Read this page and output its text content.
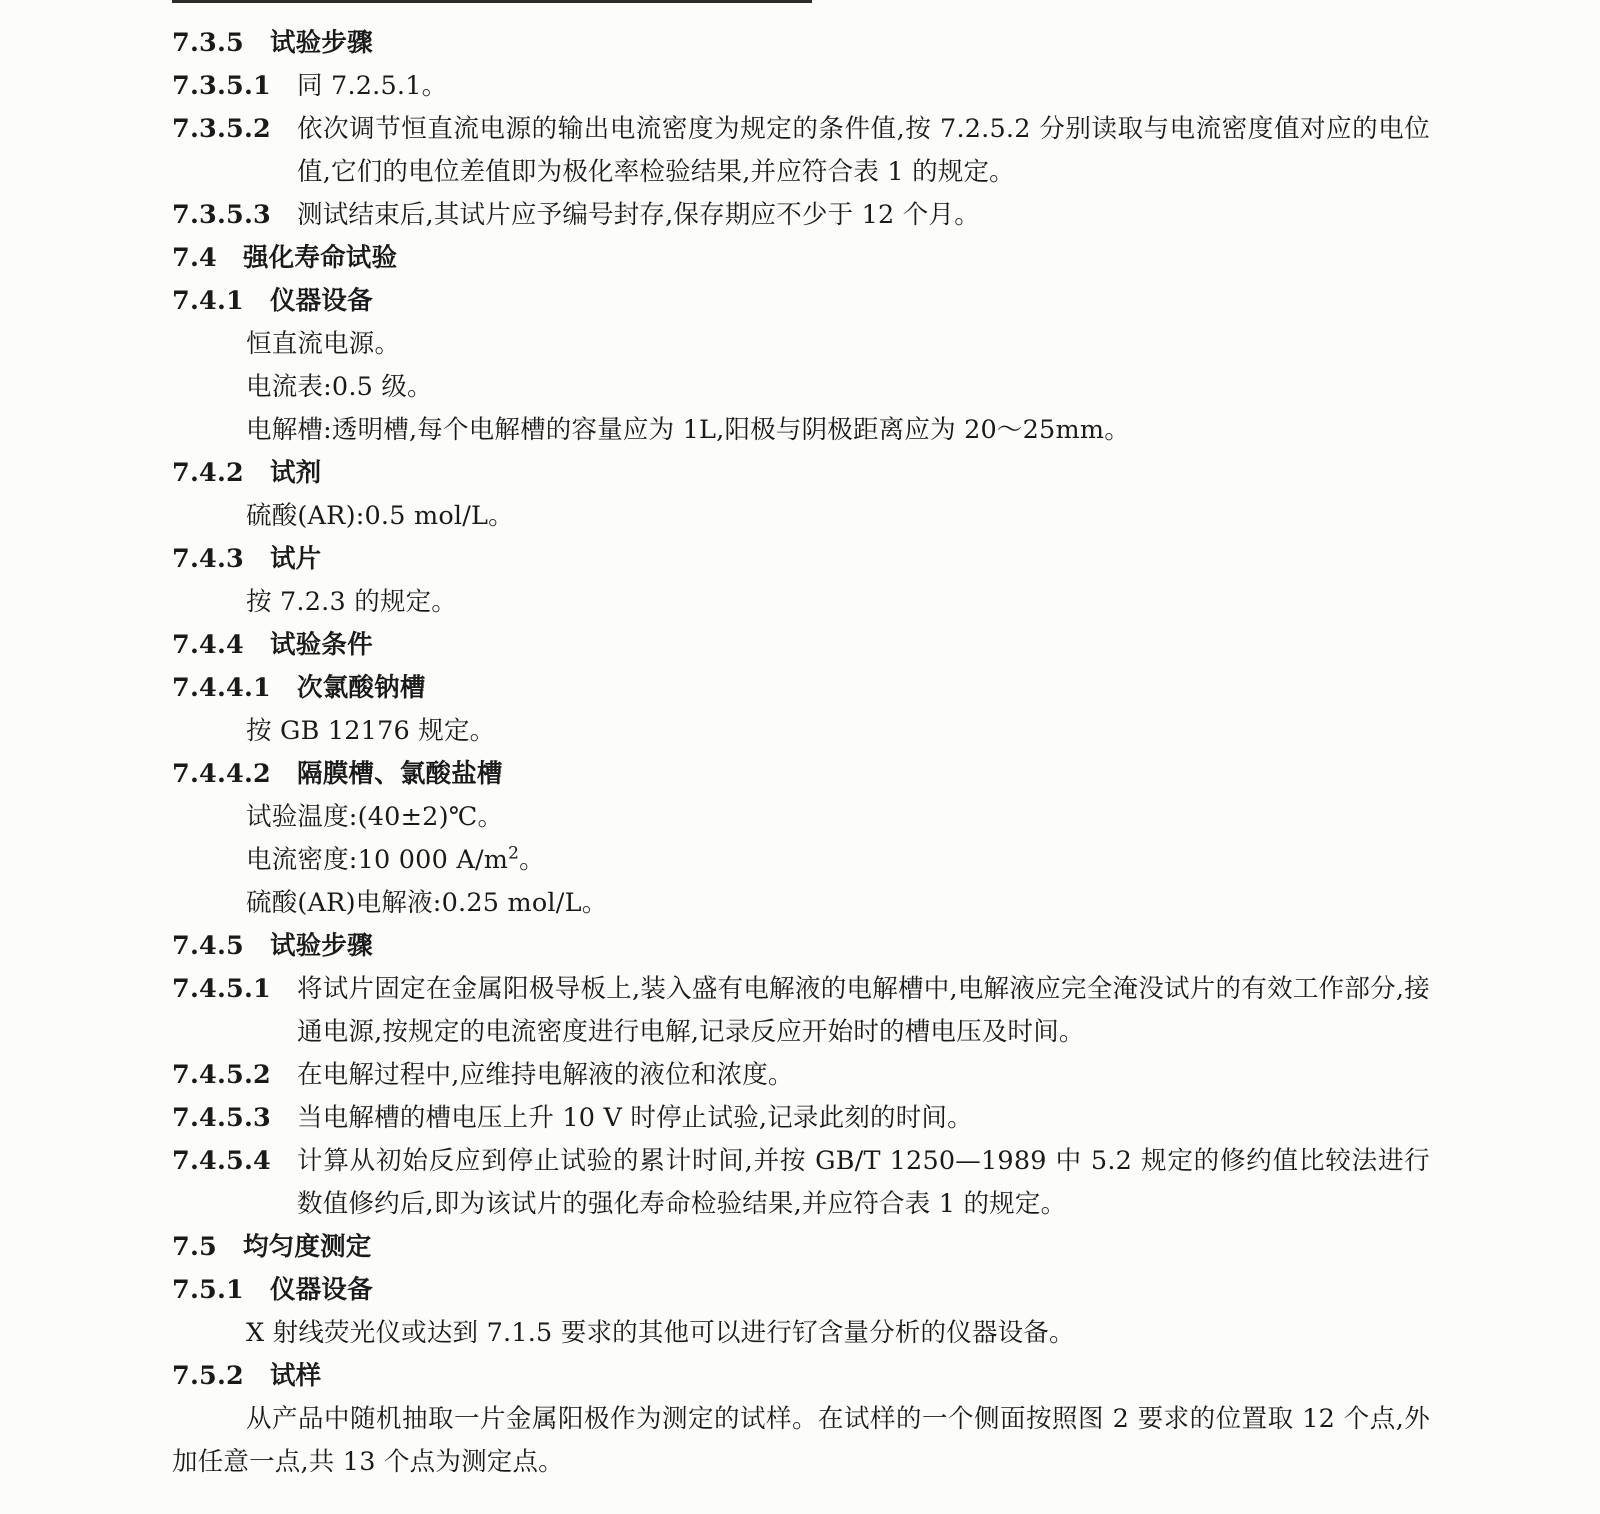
7.3.5 试验步骤
7.3.5.1 同 7.2.5.1。
7.3.5.2 依次调节恒直流电源的输出电流密度为规定的条件值,按 7.2.5.2 分别读取与电流密度值对应的电位值,它们的电位差值即为极化率检验结果,并应符合表 1 的规定。
7.3.5.3 测试结束后,其试片应予编号封存,保存期应不少于 12 个月。
7.4 强化寿命试验
7.4.1 仪器设备
恒直流电源。
电流表:0.5 级。
电解槽:透明槽,每个电解槽的容量应为 1L,阳极与阴极距离应为 20～25mm。
7.4.2 试剂
硫酸(AR):0.5 mol/L。
7.4.3 试片
按 7.2.3 的规定。
7.4.4 试验条件
7.4.4.1 次氯酸钠槽
按 GB 12176 规定。
7.4.4.2 隔膜槽、氯酸盐槽
试验温度:(40±2)℃。
电流密度:10 000 $A/m^2$。
硫酸(AR)电解液:0.25 mol/L。
7.4.5 试验步骤
7.4.5.1 将试片固定在金属阳极导板上,装入盛有电解液的电解槽中,电解液应完全淹没试片的有效工作部分,接通电源,按规定的电流密度进行电解,记录反应开始时的槽电压及时间。
7.4.5.2 在电解过程中,应维持电解液的液位和浓度。
7.4.5.3 当电解槽的槽电压上升 10 V 时停止试验,记录此刻的时间。
7.4.5.4 计算从初始反应到停止试验的累计时间,并按 GB/T 1250—1989 中 5.2 规定的修约值比较法进行数值修约后,即为该试片的强化寿命检验结果,并应符合表 1 的规定。
7.5 均匀度测定
7.5.1 仪器设备
X 射线荧光仪或达到 7.1.5 要求的其他可以进行钌含量分析的仪器设备。
7.5.2 试样
从产品中随机抽取一片金属阳极作为测定的试样。在试样的一个侧面按照图 2 要求的位置取 12 个点,外加任意一点,共 13 个点为测定点。
